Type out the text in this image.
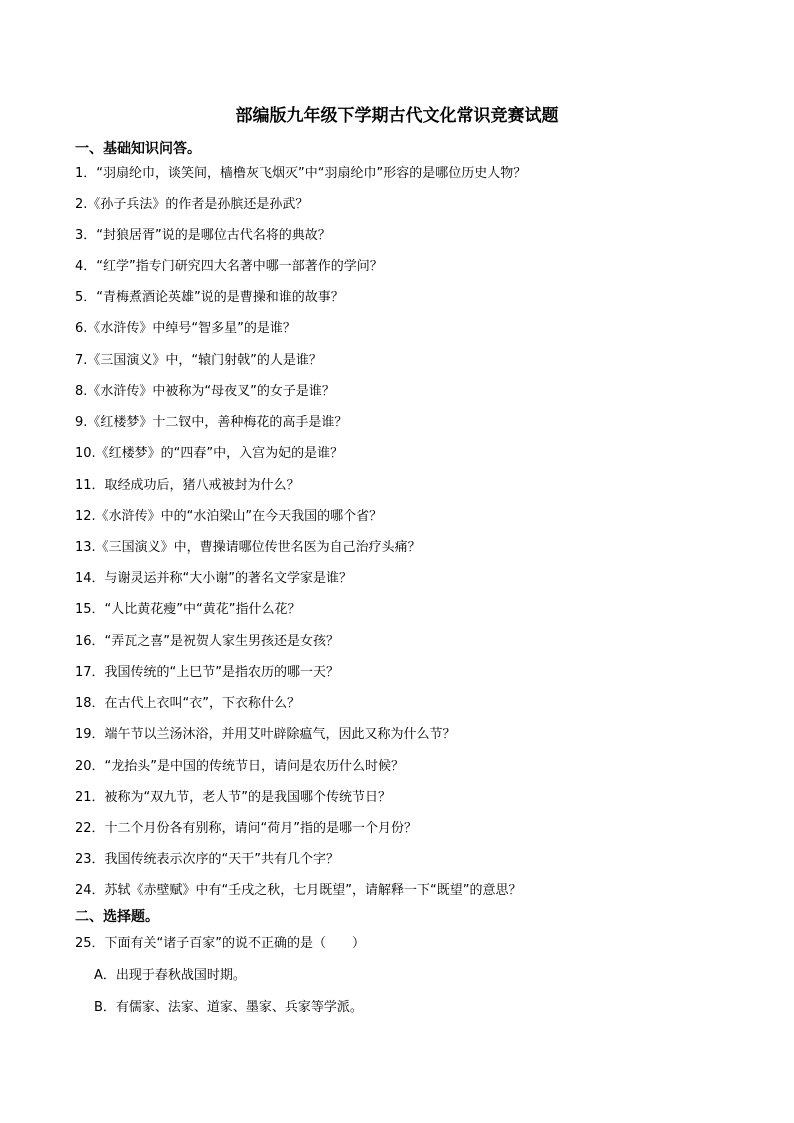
部编版九年级下学期古代文化常识竞赛试题
一、基础知识问答。
1．“羽扇纶巾，谈笑间，樯橹灰飞烟灭”中“羽扇纶巾”形容的是哪位历史人物？
2.《孙子兵法》的作者是孙膑还是孙武？
3．“封狼居胥”说的是哪位古代名将的典故？
4．“红学”指专门研究四大名著中哪一部著作的学问？
5．“青梅煮酒论英雄”说的是曹操和谁的故事？
6.《水浒传》中绰号“智多星”的是谁？
7.《三国演义》中，“辕门射戟”的人是谁？
8.《水浒传》中被称为“母夜叉”的女子是谁？
9.《红楼梦》十二钗中，善种梅花的高手是谁？
10.《红楼梦》的“四春”中，入宫为妃的是谁？
11．取经成功后，猪八戒被封为什么？
12.《水浒传》中的“水泊梁山”在今天我国的哪个省？
13.《三国演义》中，曹操请哪位传世名医为自己治疗头痛？
14．与谢灵运并称“大小谢”的著名文学家是谁？
15．“人比黄花瘦”中“黄花”指什么花？
16．“弄瓦之喜”是祝贺人家生男孩还是女孩？
17．我国传统的“上巳节”是指农历的哪一天？
18．在古代上衣叫“衣”，下衣称什么？
19．端午节以兰汤沐浴，并用艾叶辟除瘟气，因此又称为什么节？
20．“龙抬头”是中国的传统节日，请问是农历什么时候？
21．被称为“双九节，老人节”的是我国哪个传统节日？
22．十二个月份各有别称，请问“荷月”指的是哪一个月份？
23．我国传统表示次序的“天干”共有几个字？
24．苏轼《赤壁赋》中有“壬戌之秋，七月既望”，请解释一下“既望”的意思？
二、选择题。
25．下面有关“诸子百家”的说不正确的是（　　）
A．出现于春秋战国时期。
B．有儒家、法家、道家、墨家、兵家等学派。
